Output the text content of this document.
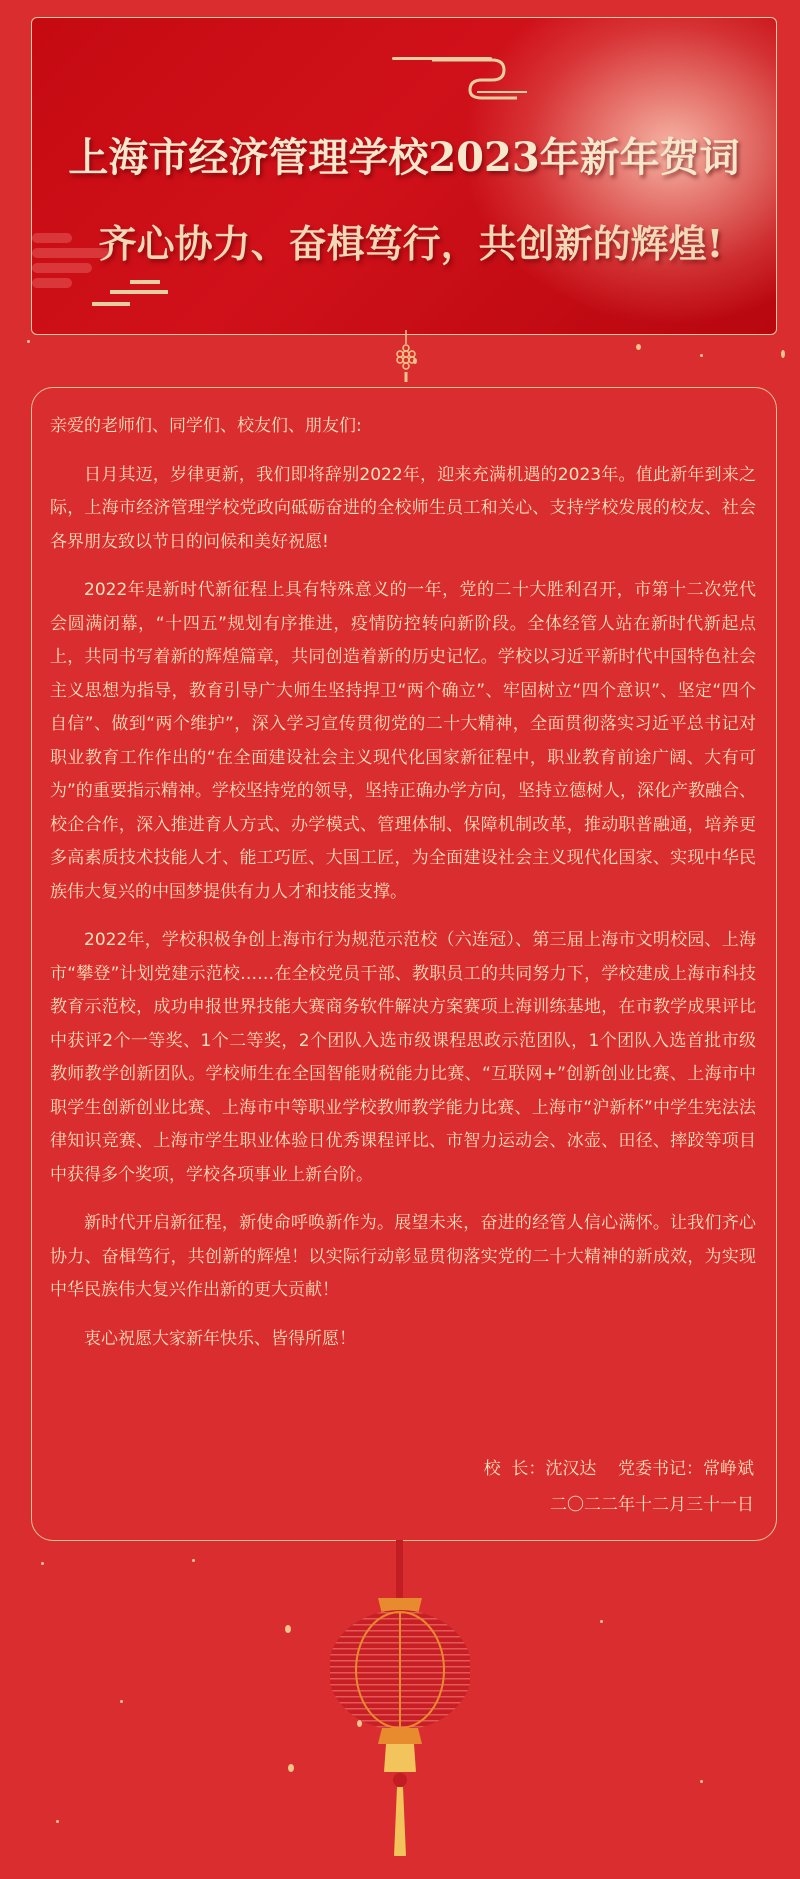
上海市经济管理学校2023年新年贺词
齐心协力、奋楫笃行，共创新的辉煌!

亲爱的老师们、同学们、校友们、朋友们:

日月其迈，岁律更新，我们即将辞别2022年，迎来充满机遇的2023年。值此新年到来之际，上海市经济管理学校党政向砥砺奋进的全校师生员工和关心、支持学校发展的校友、社会各界朋友致以节日的问候和美好祝愿!

2022年是新时代新征程上具有特殊意义的一年，党的二十大胜利召开，市第十二次党代会圆满闭幕，“十四五”规划有序推进，疫情防控转向新阶段。全体经管人站在新时代新起点上，共同书写着新的辉煌篇章，共同创造着新的历史记忆。学校以习近平新时代中国特色社会主义思想为指导，教育引导广大师生坚持捍卫“两个确立”、牢固树立“四个意识”、坚定“四个自信”、做到“两个维护”，深入学习宣传贯彻党的二十大精神，全面贯彻落实习近平总书记对职业教育工作作出的“在全面建设社会主义现代化国家新征程中，职业教育前途广阔、大有可为”的重要指示精神。学校坚持党的领导，坚持正确办学方向，坚持立德树人，深化产教融合、校企合作，深入推进育人方式、办学模式、管理体制、保障机制改革，推动职普融通，培养更多高素质技术技能人才、能工巧匠、大国工匠，为全面建设社会主义现代化国家、实现中华民族伟大复兴的中国梦提供有力人才和技能支撑。

2022年，学校积极争创上海市行为规范示范校（六连冠）、第三届上海市文明校园、上海市“攀登”计划党建示范校……在全校党员干部、教职员工的共同努力下，学校建成上海市科技教育示范校，成功申报世界技能大赛商务软件解决方案赛项上海训练基地，在市教学成果评比中获评2个一等奖、1个二等奖，2个团队入选市级课程思政示范团队，1个团队入选首批市级教师教学创新团队。学校师生在全国智能财税能力比赛、“互联网+”创新创业比赛、上海市中职学生创新创业比赛、上海市中等职业学校教师教学能力比赛、上海市“沪新杯”中学生宪法法律知识竞赛、上海市学生职业体验日优秀课程评比、市智力运动会、冰壶、田径、摔跤等项目中获得多个奖项，学校各项事业上新台阶。

新时代开启新征程，新使命呼唤新作为。展望未来，奋进的经管人信心满怀。让我们齐心协力、奋楫笃行，共创新的辉煌！以实际行动彰显贯彻落实党的二十大精神的新成效，为实现中华民族伟大复兴作出新的更大贡献！

衷心祝愿大家新年快乐、皆得所愿！

校  长：沈汉达    党委书记：常峥斌
二〇二二年十二月三十一日
